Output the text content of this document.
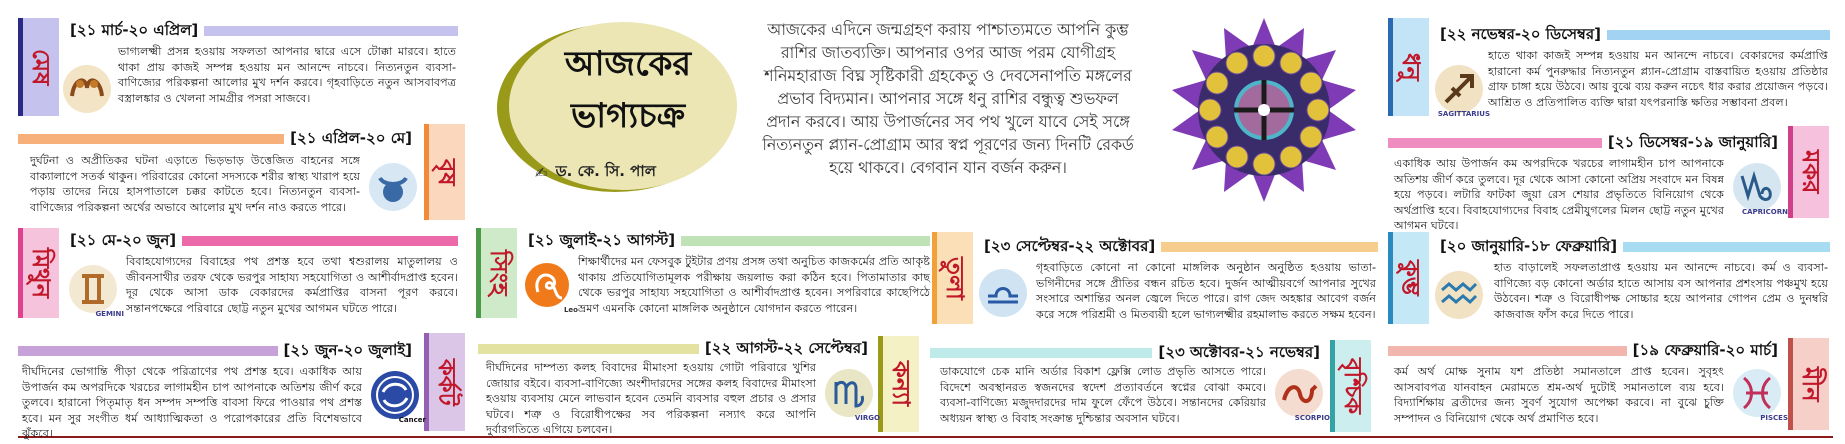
আজকের ভাগ্যচক্র
✍ ড. কে. সি. পাল
আজকের এদিনে জন্মগ্রহণ করায় পাশ্চাত্যমতে আপনি কুম্ভ রাশির জাতব্যক্তি। আপনার ওপর আজ পরম যোগীগ্রহ শনিমহারাজ বিঘ্ন সৃষ্টিকারী গ্রহকেতু ও দেবসেনাপতি মঙ্গলের প্রভাব বিদ্যমান। আপনার সঙ্গে ধনু রাশির বন্ধুত্ব শুভফল প্রদান করবে। আয় উপার্জনের সব পথ খুলে যাবে সেই সঙ্গে নিত্যনতুন প্ল্যান-প্রোগ্রাম আর স্বপ্ন পূরণের জন্য দিনটি রেকর্ড হয়ে থাকবে। বেগবান যান বর্জন করুন।
মেষ
[২১ মার্চ-২০ এপ্রিল]
ভাগ্যলক্ষ্মী প্রসন্ন হওয়ায় সফলতা আপনার দ্বারে এসে টোক্কা মারবে। হাতে থাকা প্রায় কাজই সম্পন্ন হওয়ায় মন আনন্দে নাচবে। নিত্যনতুন ব্যবসা-বাণিজ্যের পরিকল্পনা আলোর মুখ দর্শন করবে। গৃহবাড়িতে নতুন আসবাবপত্র বস্ত্রালঙ্কার ও খেলনা সামগ্রীর পসরা সাজবে।
বৃষ
[২১ এপ্রিল-২০ মে]
দুর্ঘটনা ও অপ্রীতিকর ঘটনা এড়াতে ভিড়ভাড় উত্তেজিত বাহনের সঙ্গে বাক্যালাপে সতর্ক থাকুন। পরিবারের কোনো সদস্যকে শরীর স্বাস্থ্য খারাপ হয়ে পড়ায় তাদের নিয়ে হাসপাতালে চক্কর কাটতে হবে। নিত্যনতুন ব্যবসা-বাণিজ্যের পরিকল্পনা অর্থের অভাবে আলোর মুখ দর্শন নাও করতে পারে।
মিথুন
[২১ মে-২০ জুন]
GEMINI
বিবাহযোগ্যদের বিবাহের পথ প্রশস্ত হবে তথা শ্বশুরালয় মাতুলালয় ও জীবনসাথীর তরফ থেকে ভরপুর সাহায্য সহযোগিতা ও আশীর্বাদপ্রাপ্ত হবেন। দূর থেকে আসা ডাক বেকারদের কর্মপ্রাপ্তির বাসনা পূরণ করবে। সন্তানপক্ষেরে পরিবারে ছোট্ট নতুন মুখের আগমন ঘটতে পারে।
কর্কট
[২১ জুন-২০ জুলাই]
Cancer
দীর্ঘদিনের ভোগান্তি পীড়া থেকে পরিত্রাণের পথ প্রশস্ত হবে। একাধিক আয় উপার্জন কম অপরদিকে খরচের লাগামহীন চাপ আপনাকে অতিশয় জীর্ণ করে তুলবে। হারানো পিতৃমাতৃ ধন সম্পদ সম্পত্তি বাবসা ফিরে পাওয়ার পথ প্রশস্ত হবে। মন সুর সংগীত ধর্ম আধ্যাত্মিকতা ও পরোপকারের প্রতি বিশেষভাবে ঝুঁকবে।
সিংহ
[২১ জুলাই-২১ আগস্ট]
Leo
শিক্ষার্থীদের মন ফেসবুক টুইটার প্রণয় প্রসঙ্গ তথা অনুচিত কাজকর্মের প্রতি আকৃষ্ট থাকায় প্রতিযোগিতামূলক পরীক্ষায় জয়লাভ করা কঠিন হবে। পিতামাতার কাছ থেকে ভরপুর সাহায্য সহযোগিতা ও আশীর্বাদপ্রাপ্ত হবেন। সপরিবারে কাছেপিঠে ভ্রমণ এমনকি কোনো মাঙ্গলিক অনুষ্ঠানে যোগদান করতে পারেন।
কন্যা
[২২ আগস্ট-২২ সেপ্টেম্বর]
VIRGO
দীর্ঘদিনের দাম্পত্য কলহ বিবাদের মীমাংসা হওয়ায় গোটা পরিবারে খুশির জোয়ার বইবে। ব্যবসা-বাণিজ্যে অংশীদারদের সঙ্গের কলহ বিবাদের মীমাংসা হওয়ায় ব্যবসায় মেনে লাভবান হবেন তেমনি ব্যবসার বহুল প্রচার ও প্রসার ঘটবে। শত্রু ও বিরোধীপক্ষের সব পরিকল্পনা নস্যাৎ করে আপনি দুর্বারগতিতে এগিয়ে চলবেন।
তুলা
[২৩ সেপ্টেম্বর-২২ অক্টোবর]
গৃহবাড়িতে কোনো না কোনো মাঙ্গলিক অনুষ্ঠান অনুষ্ঠিত হওয়ায় ভাতা-ভগিনীদের সঙ্গে প্রীতির বন্ধন রচিত হবে। দুর্জন আত্মীয়বর্গে আপনার সুখের সংসারে অশান্তির অনল জ্বেলে দিতে পারে। রাগ জেদ অহঙ্কার আবেগ বর্জন করে সঙ্গে পরিশ্রমী ও মিতব্যয়ী হলে ভাগ্যলক্ষ্মীর রহমালাভ করতে সক্ষম হবেন।
বৃশ্চিক
[২৩ অক্টোবর-২১ নভেম্বর]
SCORPIO
ডাকযোগে চেক মানি অর্ডার বিকাশ ফ্লেক্সি লোড প্রভৃতি আসতে পারে। বিদেশে অবস্থানরত স্বজনদের স্বদেশ প্রত্যাবর্তনে স্বপ্নের বোঝা কমবে। ব্যবসা-বাণিজ্যে মজুদদারদের দাম ফুলে ফেঁপে উঠবে। সন্তানদের কেরিয়ার অধ্যয়ন স্বাস্থ্য ও বিবাহ সংক্রান্ত দুশ্চিন্তার অবসান ঘটবে।
ধনু
[২২ নভেম্বর-২০ ডিসেম্বর]
SAGITTARIUS
হাতে থাকা কাজই সম্পন্ন হওয়ায় মন আনন্দে নাচবে। বেকারদের কর্মপ্রাপ্তি হারানো কর্ম পুনরুদ্ধার নিত্যনতুন প্ল্যান-প্রোগ্রাম বাস্তবায়িত হওয়ায় প্রতিষ্ঠার গ্রাফ চাঙ্গা হয়ে উঠবে। আয় বুঝে ব্যয় করুন নচেৎ ধার করার প্রয়োজন পড়বে। আশ্রিত ও প্রতিপালিত ব্যক্তি দ্বারা যৎপরনাস্তি ক্ষতির সম্ভাবনা প্রবল।
মকর
[২১ ডিসেম্বর-১৯ জানুয়ারি]
CAPRICORN
একাধিক আয় উপার্জন কম অপরদিকে খরচের লাগামহীন চাপ আপনাকে অতিশয় জীর্ণ করে তুলবে। দূর থেকে আসা কোনো অপ্রিয় সংবাদে মন বিষন্ন হয়ে পড়বে। লটারি ফাটকা জুয়া রেস শেয়ার প্রভৃতিতে বিনিয়োগ থেকে অর্থপ্রাপ্তি হবে। বিবাহযোগ্যদের বিবাহ প্রেমীযুগলের মিলন ছোট্ট নতুন মুখের আগমন ঘটবে।
কুম্ভ
[২০ জানুয়ারি-১৮ ফেব্রুয়ারি]
হাত বাড়ালেই সফলতাপ্রাপ্ত হওয়ায় মন আনন্দে নাচবে। কর্ম ও ব্যবসা-বাণিজ্যে বড় কোনো অর্ডার হাতে আসায় বস আপনার প্রশংসায় পঞ্চমুখ হয়ে উঠবেন। শত্রু ও বিরোধীপক্ষ সোচ্চার হয়ে আপনার গোপন প্রেম ও দুনম্বরি কাজবাজ ফাঁস করে দিতে পারে।
মীন
[১৯ ফেব্রুয়ারি-২০ মার্চ]
PISCES
কর্ম অর্থ মোক্ষ সুনাম যশ প্রতিষ্ঠা সমানতালে প্রাপ্ত হবেন। সুবৃহৎ আসবাবপত্র যানবাহন মেরামতে শ্রম-অর্থ দুটোই সমানতালে ব্যয় হবে। বিদ্যার্শিক্ষায় ব্রতীদের জন্য সুবর্ণ সুযোগ অপেক্ষা করবে। না বুঝে চুক্তি সম্পাদন ও বিনিয়োগ থেকে অর্থ প্রমাণিত হবে।
